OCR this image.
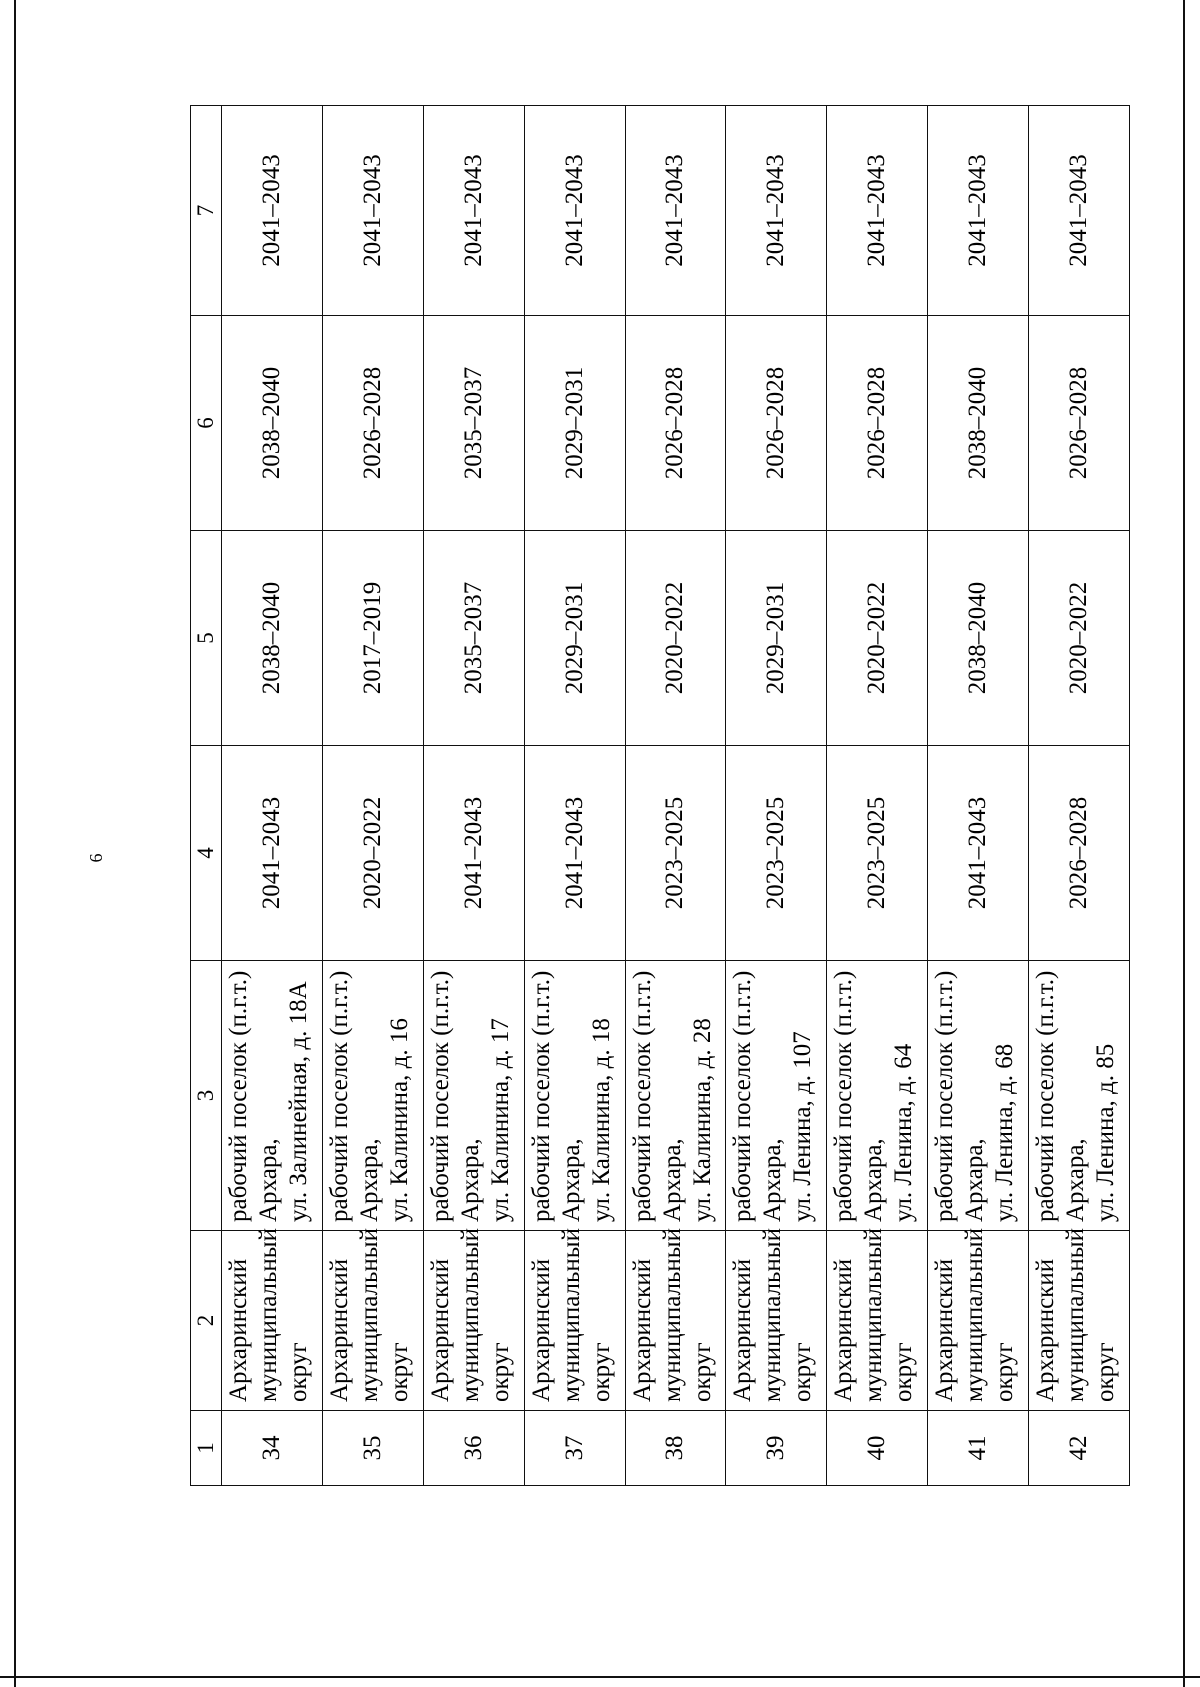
6
1	2	3	4	5	6	7
34	Архаринский муниципальный округ	рабочий поселок (п.г.т.) Архара, ул. Залинейная, д. 18А	2041–2043	2038–2040	2038–2040	2041–2043
35	Архаринский муниципальный округ	рабочий поселок (п.г.т.) Архара, ул. Калинина, д. 16	2020–2022	2017–2019	2026–2028	2041–2043
36	Архаринский муниципальный округ	рабочий поселок (п.г.т.) Архара, ул. Калинина, д. 17	2041–2043	2035–2037	2035–2037	2041–2043
37	Архаринский муниципальный округ	рабочий поселок (п.г.т.) Архара, ул. Калинина, д. 18	2041–2043	2029–2031	2029–2031	2041–2043
38	Архаринский муниципальный округ	рабочий поселок (п.г.т.) Архара, ул. Калинина, д. 28	2023–2025	2020–2022	2026–2028	2041–2043
39	Архаринский муниципальный округ	рабочий поселок (п.г.т.) Архара, ул. Ленина, д. 107	2023–2025	2029–2031	2026–2028	2041–2043
40	Архаринский муниципальный округ	рабочий поселок (п.г.т.) Архара, ул. Ленина, д. 64	2023–2025	2020–2022	2026–2028	2041–2043
41	Архаринский муниципальный округ	рабочий поселок (п.г.т.) Архара, ул. Ленина, д. 68	2041–2043	2038–2040	2038–2040	2041–2043
42	Архаринский муниципальный округ	рабочий поселок (п.г.т.) Архара, ул. Ленина, д. 85	2026–2028	2020–2022	2026–2028	2041–2043
